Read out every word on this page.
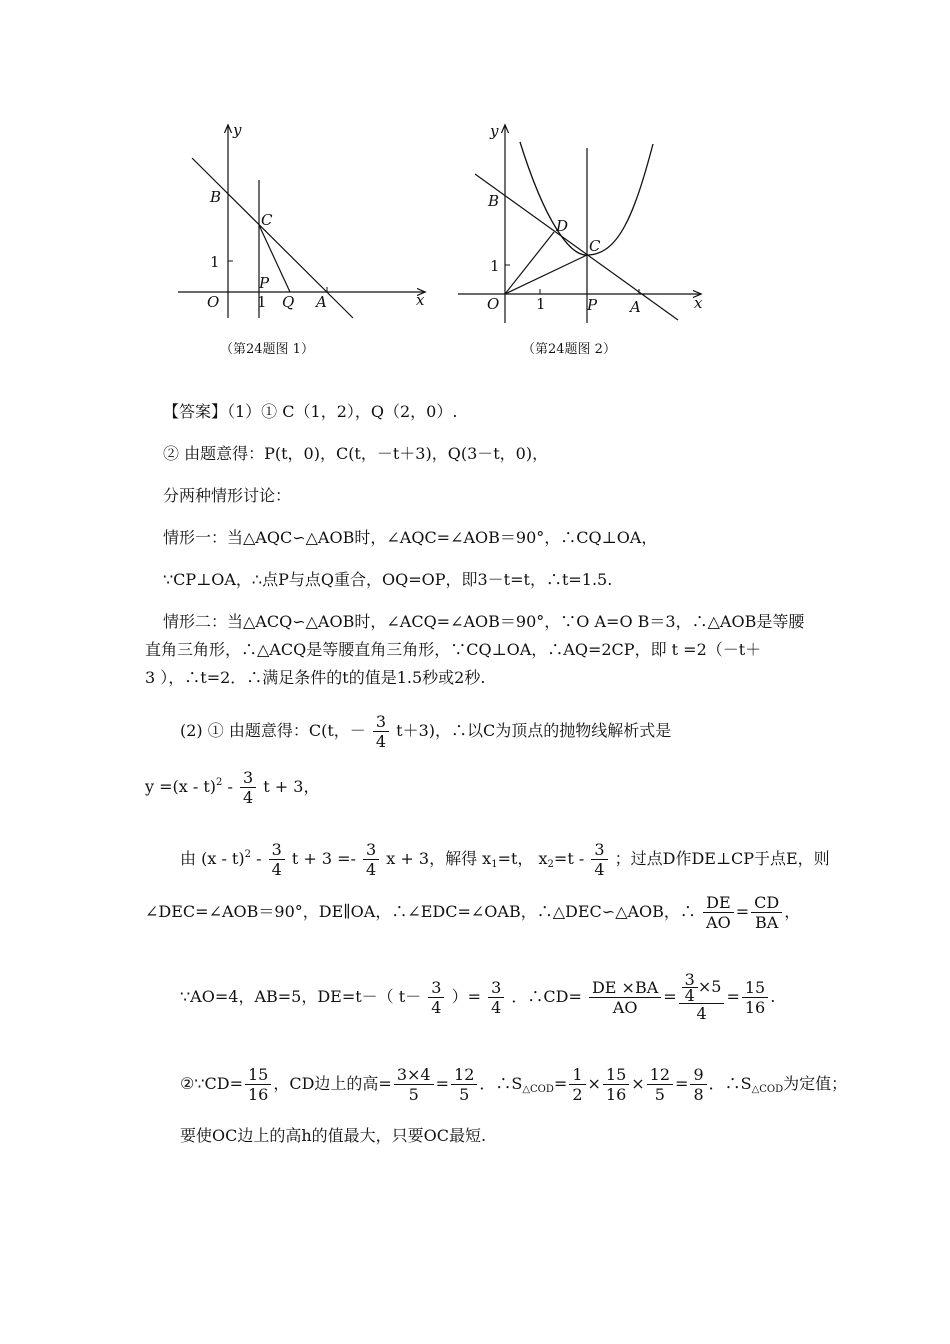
y
x
B
C
1
P
O	1 Q A
（第24题图 1）
y
x
B
D
C
1
O 1	P A
（第24题图 2）
【答案】（1）① C（1，2），Q（2，0）.
② 由题意得：P(t，0)，C(t，－t＋3)，Q(3－t，0)，
分两种情形讨论：
情形一：当△AQC∽△AOB时，∠AQC=∠AOB＝90°，∴CQ⊥OA，
∵CP⊥OA，∴点P与点Q重合，OQ=OP，即3－t=t，∴t=1.5.
情形二：当△ACQ∽△AOB时，∠ACQ=∠AOB＝90°，∵O A=O B＝3，∴△AOB是等腰
直角三角形，∴△ACQ是等腰直角三角形，∵CQ⊥OA，∴AQ=2CP，即 t =2（－t＋
3 ），∴t=2．∴满足条件的t的值是1.5秒或2秒.
(2) ① 由题意得：C(t，－ $\frac{3}{4} t+3$)，∴以C为顶点的抛物线解析式是
$y =(x - t)^2 - \frac{3}{4}$ t + 3，
由 $(x - t)^2 - \frac{3}{4}$ $t + 3 =- \frac{3}{4}$ x + 3，解得 $x_1=t$， $x_2=t - \frac{3}{4}$ ；过点D作DE⊥CP于点E，则
∠DEC=∠AOB＝90°，DE∥OA，∴∠EDC=∠OAB，∴△DEC∽△AOB，∴ $\frac{DE}{AO} = \frac{CD}{BA}$ ，
∵AO=4，AB=5，DE=t－（ $t- \frac{3}{4}$ ）= $\frac{3}{4}$ ．∴CD= $\frac{DE \times BA}{AO} = \frac{\frac{3}{4} \times 5}{4} = \frac{15}{16}$ .
②∵CD= $\frac{15}{16}$ ，CD边上的高= $\frac{3\times 4}{5} = \frac{12}{5}$ ．$\therefore S_{\triangle COD}= \frac{1}{2} \times \frac{15}{16} \times \frac{12}{5} = \frac{9}{8}$ ．$\therefore S_{\triangle COD}$为定值；
要使OC边上的高h的值最大，只要OC最短.
